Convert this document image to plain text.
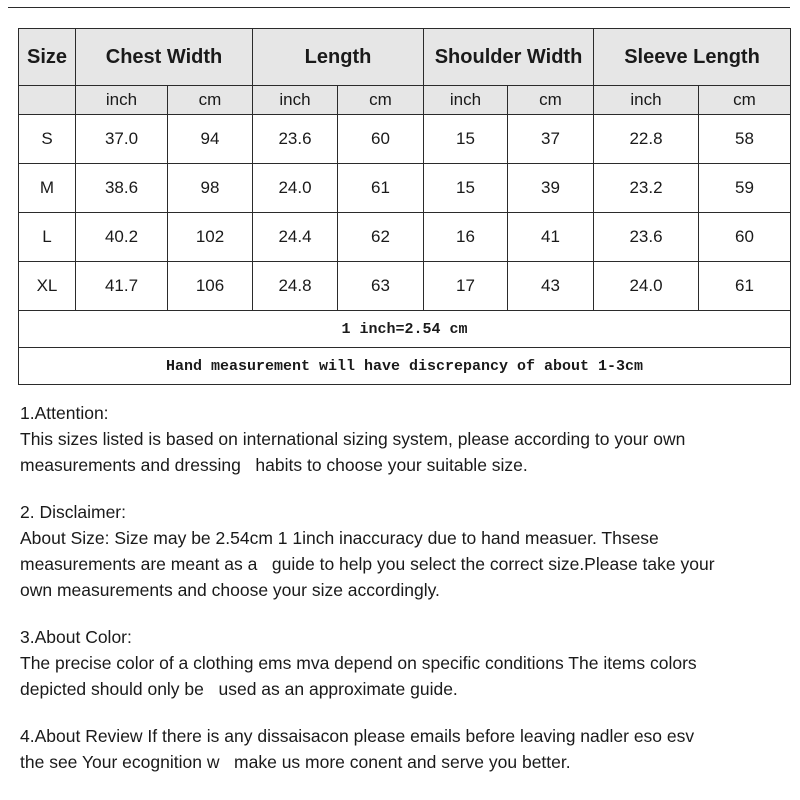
Size	Chest Width		Length		Shoulder Width		Sleeve Length	
	inch	cm	inch	cm	inch	cm	inch	cm
S	37.0	94	23.6	60	15	37	22.8	58
M	38.6	98	24.0	61	15	39	23.2	59
L	40.2	102	24.4	62	16	41	23.6	60
XL	41.7	106	24.8	63	17	43	24.0	61
1 inch=2.54 cm								
Hand measurement will have discrepancy of about 1-3cm								
1.Attention:
This sizes listed is based on international sizing system, please according to your own
measurements and dressing   habits to choose your suitable size.
2. Disclaimer:
About Size: Size may be 2.54cm 1 1inch inaccuracy due to hand measuer. Thsese
measurements are meant as a   guide to help you select the correct size.Please take your
own measurements and choose your size accordingly.
3.About Color:
The precise color of a clothing ems mva depend on specific conditions The items colors
depicted should only be   used as an approximate guide.
4.About Review If there is any dissaisacon please emails before leaving nadler eso esv
the see Your ecognition w   make us more conent and serve you better.
